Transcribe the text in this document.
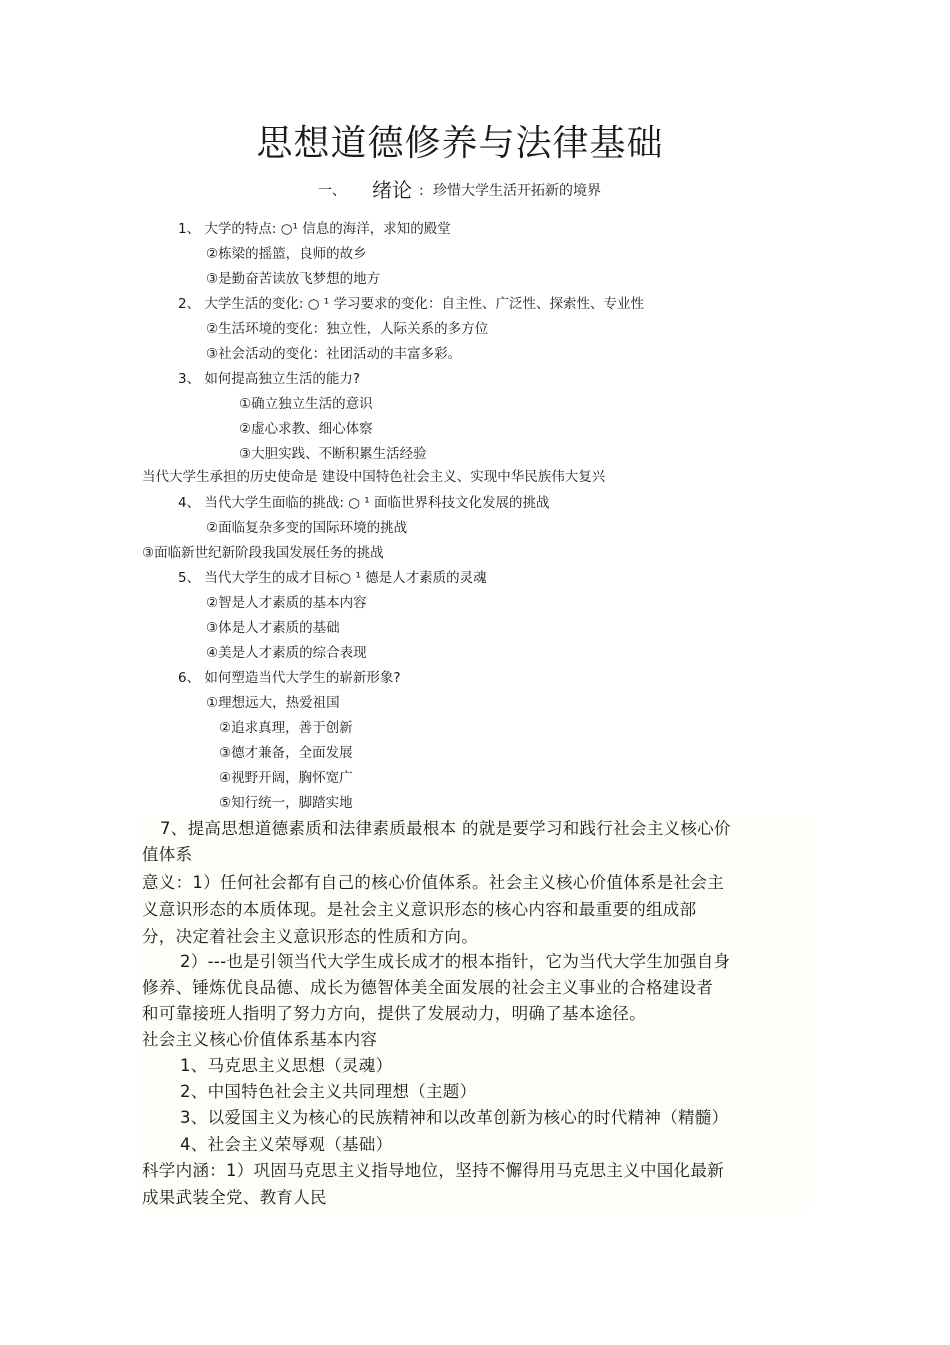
思想道德修养与法律基础
一、 绪论 : 珍惜大学生活开拓新的境界
1、 大学的特点: ○¹ 信息的海洋，求知的殿堂
②栋梁的摇篮，良师的故乡
③是勤奋苦读放飞梦想的地方
2、 大学生活的变化: ○ ¹ 学习要求的变化：自主性、广泛性、探索性、专业性
②生活环境的变化：独立性，人际关系的多方位
③社会活动的变化：社团活动的丰富多彩。
3、 如何提高独立生活的能力?
①确立独立生活的意识
②虚心求教、细心体察
③大胆实践、不断积累生活经验
当代大学生承担的历史使命是 建设中国特色社会主义、实现中华民族伟大复兴
4、 当代大学生面临的挑战: ○ ¹ 面临世界科技文化发展的挑战
②面临复杂多变的国际环境的挑战
③面临新世纪新阶段我国发展任务的挑战
5、 当代大学生的成才目标○ ¹ 德是人才素质的灵魂
②智是人才素质的基本内容
③体是人才素质的基础
④美是人才素质的综合表现
6、 如何塑造当代大学生的崭新形象?
①理想远大，热爱祖国
②追求真理，善于创新
③德才兼备，全面发展
④视野开阔，胸怀宽广
⑤知行统一，脚踏实地
7、提高思想道德素质和法律素质最根本 的就是要学习和践行社会主义核心价
值体系
意义：1）任何社会都有自己的核心价值体系。社会主义核心价值体系是社会主
义意识形态的本质体现。是社会主义意识形态的核心内容和最重要的组成部
分，决定着社会主义意识形态的性质和方向。
2）---也是引领当代大学生成长成才的根本指针，它为当代大学生加强自身
修养、锤炼优良品德、成长为德智体美全面发展的社会主义事业的合格建设者
和可靠接班人指明了努力方向，提供了发展动力，明确了基本途径。
社会主义核心价值体系基本内容
1、马克思主义思想（灵魂）
2、中国特色社会主义共同理想（主题）
3、以爱国主义为核心的民族精神和以改革创新为核心的时代精神（精髓）
4、社会主义荣辱观（基础）
科学内涵：1）巩固马克思主义指导地位，坚持不懈得用马克思主义中国化最新
成果武装全党、教育人民
